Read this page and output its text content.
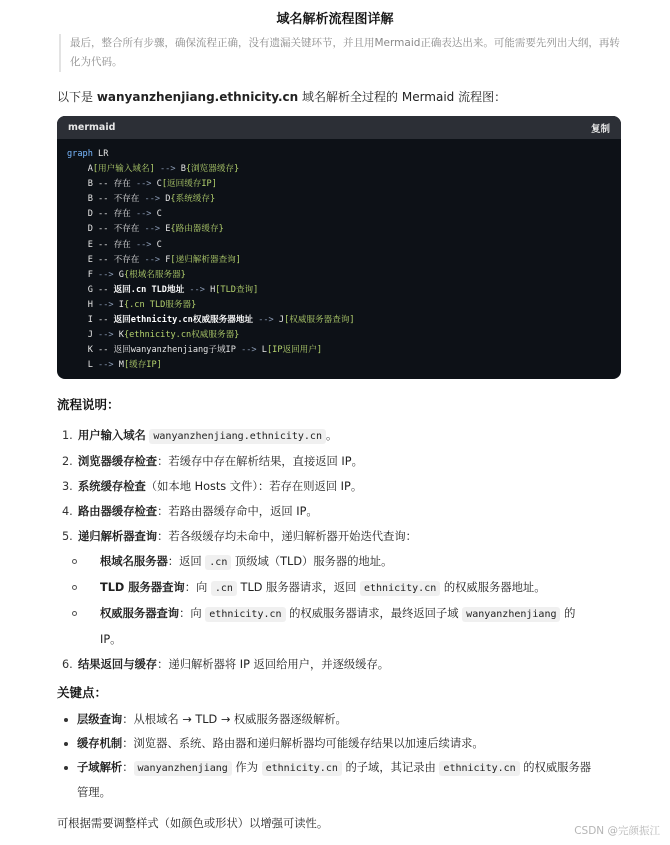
域名解析流程图详解
最后，整合所有步骤，确保流程正确，没有遗漏关键环节，并且用Mermaid正确表达出来。可能需要先列出大纲，再转
化为代码。
以下是 wanyanzhenjiang.ethnicity.cn 域名解析全过程的 Mermaid 流程图：
mermaid	复制
graph LR
A[用户输入域名] --> B{浏览器缓存}
B -- 存在 --> C[返回缓存IP]
B -- 不存在 --> D{系统缓存}
D -- 存在 --> C
D -- 不存在 --> E{路由器缓存}
E -- 存在 --> C
E -- 不存在 --> F[递归解析器查询]
F --> G{根域名服务器}
G -- 返回.cn TLD地址 --> H[TLD查询]
H --> I{.cn TLD服务器}
I -- 返回ethnicity.cn权威服务器地址 --> J[权威服务器查询]
J --> K{ethnicity.cn权威服务器}
K -- 返回wanyanzhenjiang子域IP --> L[IP返回用户]
L --> M[缓存IP]
流程说明：
1. 用户输入域名 wanyanzhenjiang.ethnicity.cn 。
2. 浏览器缓存检查：若缓存中存在解析结果，直接返回 IP。
3. 系统缓存检查（如本地 Hosts 文件）：若存在则返回 IP。
4. 路由器缓存检查：若路由器缓存命中，返回 IP。
5. 递归解析器查询：若各级缓存均未命中，递归解析器开始迭代查询：
根域名服务器：返回 .cn 顶级域（TLD）服务器的地址。
TLD 服务器查询：向 .cn TLD 服务器请求，返回 ethnicity.cn 的权威服务器地址。
权威服务器查询：向 ethnicity.cn 的权威服务器请求，最终返回子域 wanyanzhenjiang 的
IP。
6. 结果返回与缓存：递归解析器将 IP 返回给用户，并逐级缓存。
关键点：
层级查询：从根域名 → TLD → 权威服务器逐级解析。
缓存机制：浏览器、系统、路由器和递归解析器均可能缓存结果以加速后续请求。
子域解析： wanyanzhenjiang 作为 ethnicity.cn 的子域，其记录由 ethnicity.cn 的权威服务器
管理。
可根据需要调整样式（如颜色或形状）以增强可读性。
CSDN @完颜振江
